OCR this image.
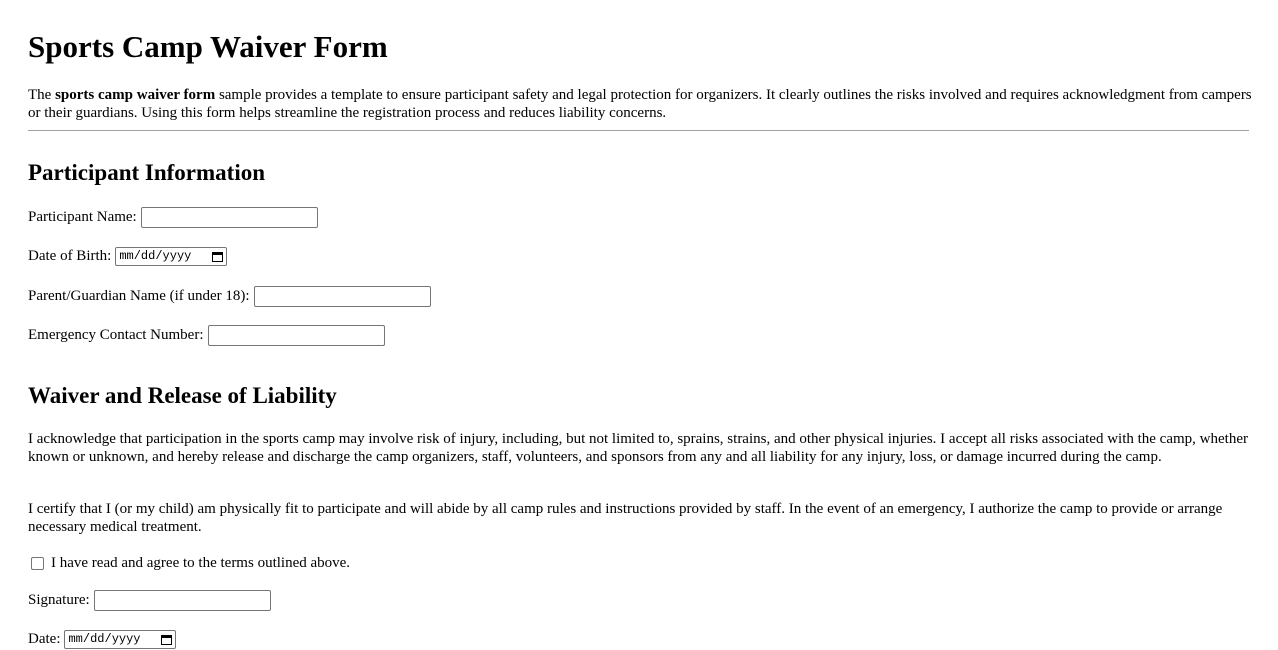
Sports Camp Waiver Form

The sports camp waiver form sample provides a template to ensure participant safety and legal protection for organizers. It clearly outlines the risks involved and requires acknowledgment from campers or their guardians. Using this form helps streamline the registration process and reduces liability concerns.

Participant Information
Participant Name:
Date of Birth: mm/dd/yyyy
Parent/Guardian Name (if under 18):
Emergency Contact Number:
Waiver and Release of Liability

I acknowledge that participation in the sports camp may involve risk of injury, including, but not limited to, sprains, strains, and other physical injuries. I accept all risks associated with the camp, whether known or unknown, and hereby release and discharge the camp organizers, staff, volunteers, and sponsors from any and all liability for any injury, loss, or damage incurred during the camp.

I certify that I (or my child) am physically fit to participate and will abide by all camp rules and instructions provided by staff. In the event of an emergency, I authorize the camp to provide or arrange necessary medical treatment.

I have read and agree to the terms outlined above.
Signature:
Date: mm/dd/yyyy
